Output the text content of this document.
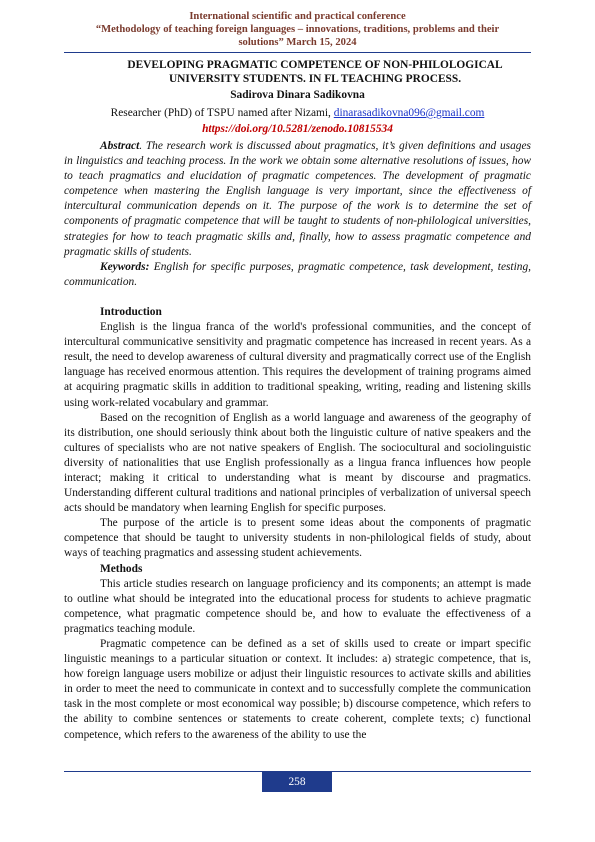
International scientific and practical conference
“Methodology of teaching foreign languages – innovations, traditions, problems and their
solutions” March 15, 2024
DEVELOPING PRAGMATIC COMPETENCE OF NON-PHILOLOGICAL
UNIVERSITY STUDENTS. IN FL TEACHING PROCESS.
Sadirova Dinara Sadikovna
Researcher (PhD) of TSPU named after Nizami, dinarasadikovna096@gmail.com
https://doi.org/10.5281/zenodo.10815534

Abstract. The research work is discussed about pragmatics, it’s given definitions and usages in linguistics and teaching process. In the work we obtain some alternative resolutions of issues, how to teach pragmatics and elucidation of pragmatic competences. The development of pragmatic competence when mastering the English language is very important, since the effectiveness of intercultural communication depends on it. The purpose of the work is to determine the set of components of pragmatic competence that will be taught to students of non-philological universities, strategies for how to teach pragmatic skills and, finally, how to assess pragmatic competence and pragmatic skills of students.

Keywords: English for specific purposes, pragmatic competence, task development, testing, communication.

Introduction

English is the lingua franca of the world's professional communities, and the concept of intercultural communicative sensitivity and pragmatic competence has increased in recent years. As a result, the need to develop awareness of cultural diversity and pragmatically correct use of the English language has received enormous attention. This requires the development of training programs aimed at acquiring pragmatic skills in addition to traditional speaking, writing, reading and listening skills using work-related vocabulary and grammar.

Based on the recognition of English as a world language and awareness of the geography of its distribution, one should seriously think about both the linguistic culture of native speakers and the cultures of specialists who are not native speakers of English. The sociocultural and sociolinguistic diversity of nationalities that use English professionally as a lingua franca influences how people interact; making it critical to understanding what is meant by discourse and pragmatics. Understanding different cultural traditions and national principles of verbalization of universal speech acts should be mandatory when learning English for specific purposes.

The purpose of the article is to present some ideas about the components of pragmatic competence that should be taught to university students in non-philological fields of study, about ways of teaching pragmatics and assessing student achievements.

Methods

This article studies research on language proficiency and its components; an attempt is made to outline what should be integrated into the educational process for students to achieve pragmatic competence, what pragmatic competence should be, and how to evaluate the effectiveness of a pragmatics teaching module.

Pragmatic competence can be defined as a set of skills used to create or impart specific linguistic meanings to a particular situation or context. It includes: a) strategic competence, that is, how foreign language users mobilize or adjust their linguistic resources to activate skills and abilities in order to meet the need to communicate in context and to successfully complete the communication task in the most complete or most economical way possible; b) discourse competence, which refers to the ability to combine sentences or statements to create coherent, complete texts; c) functional competence, which refers to the awareness of the ability to use the

258
